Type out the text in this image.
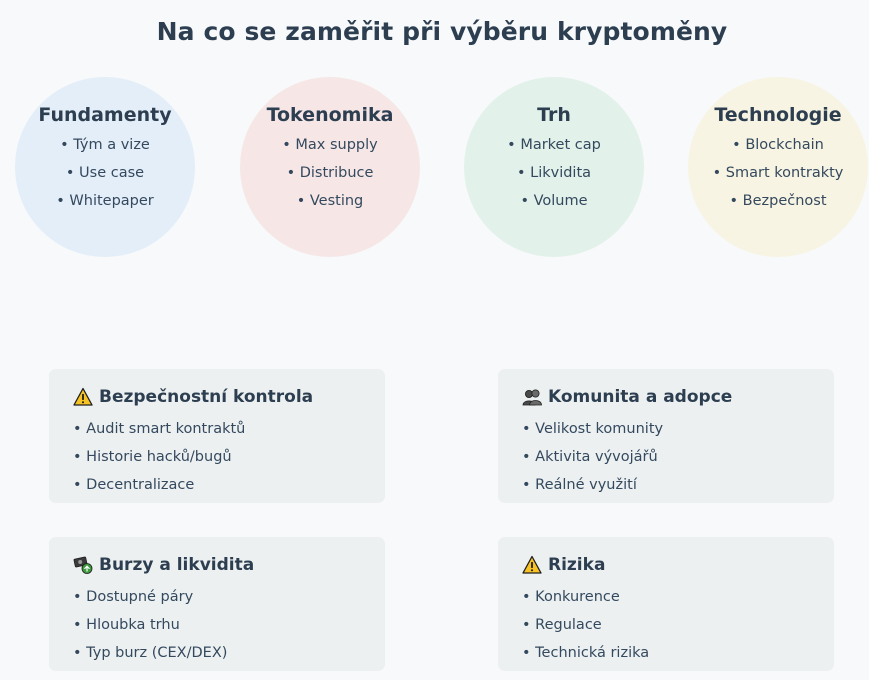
Na co se zaměřit při výběru kryptoměny
Fundamenty
• Tým a vize
• Use case
• Whitepaper
Tokenomika
• Max supply
• Distribuce
• Vesting
Trh
• Market cap
• Likvidita
• Volume
Technologie
• Blockchain
• Smart kontrakty
• Bezpečnost
Bezpečnostní kontrola
• Audit smart kontraktů
• Historie hacků/bugů
• Decentralizace
Komunita a adopce
• Velikost komunity
• Aktivita vývojářů
• Reálné využití
Burzy a likvidita
• Dostupné páry
• Hloubka trhu
• Typ burz (CEX/DEX)
Rizika
• Konkurence
• Regulace
• Technická rizika
